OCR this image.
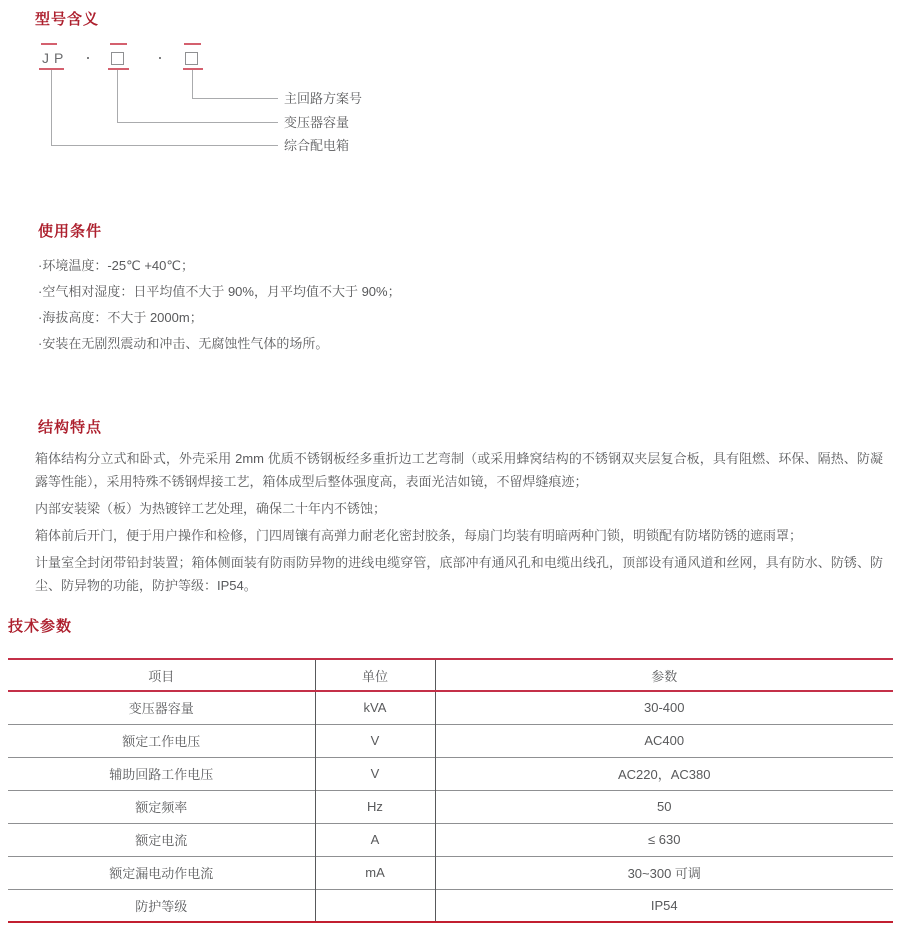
型号含义
JP ·	·
主回路方案号
变压器容量
综合配电箱
使用条件
·环境温度：-25℃ +40℃；
·空气相对湿度：日平均值不大于 90%，月平均值不大于 90%；
·海拔高度：不大于 2000m；
·安装在无剧烈震动和冲击、无腐蚀性气体的场所。
结构特点

箱体结构分立式和卧式，外壳采用 2mm 优质不锈钢板经多重折边工艺弯制（或采用蜂窝结构的不锈钢双夹层复合板，具有阻燃、环保、隔热、防凝露等性能），采用特殊不锈钢焊接工艺，箱体成型后整体强度高，表面光洁如镜，不留焊缝痕迹；

内部安装梁（板）为热镀锌工艺处理，确保二十年内不锈蚀；

箱体前后开门，便于用户操作和检修，门四周镶有高弹力耐老化密封胶条，每扇门均装有明暗两种门锁，明锁配有防堵防锈的遮雨罩；

计量室全封闭带铅封装置；箱体侧面装有防雨防异物的进线电缆穿管，底部冲有通风孔和电缆出线孔，顶部设有通风道和丝网，具有防水、防锈、防尘、防异物的功能，防护等级：IP54。

技术参数
项目	单位	参数
变压器容量	kVA	30-400
额定工作电压	V	AC400
辅助回路工作电压	V	AC220，AC380
额定频率	Hz	50
额定电流	A	≤ 630
额定漏电动作电流	mA	30~300 可调
防护等级		IP54
